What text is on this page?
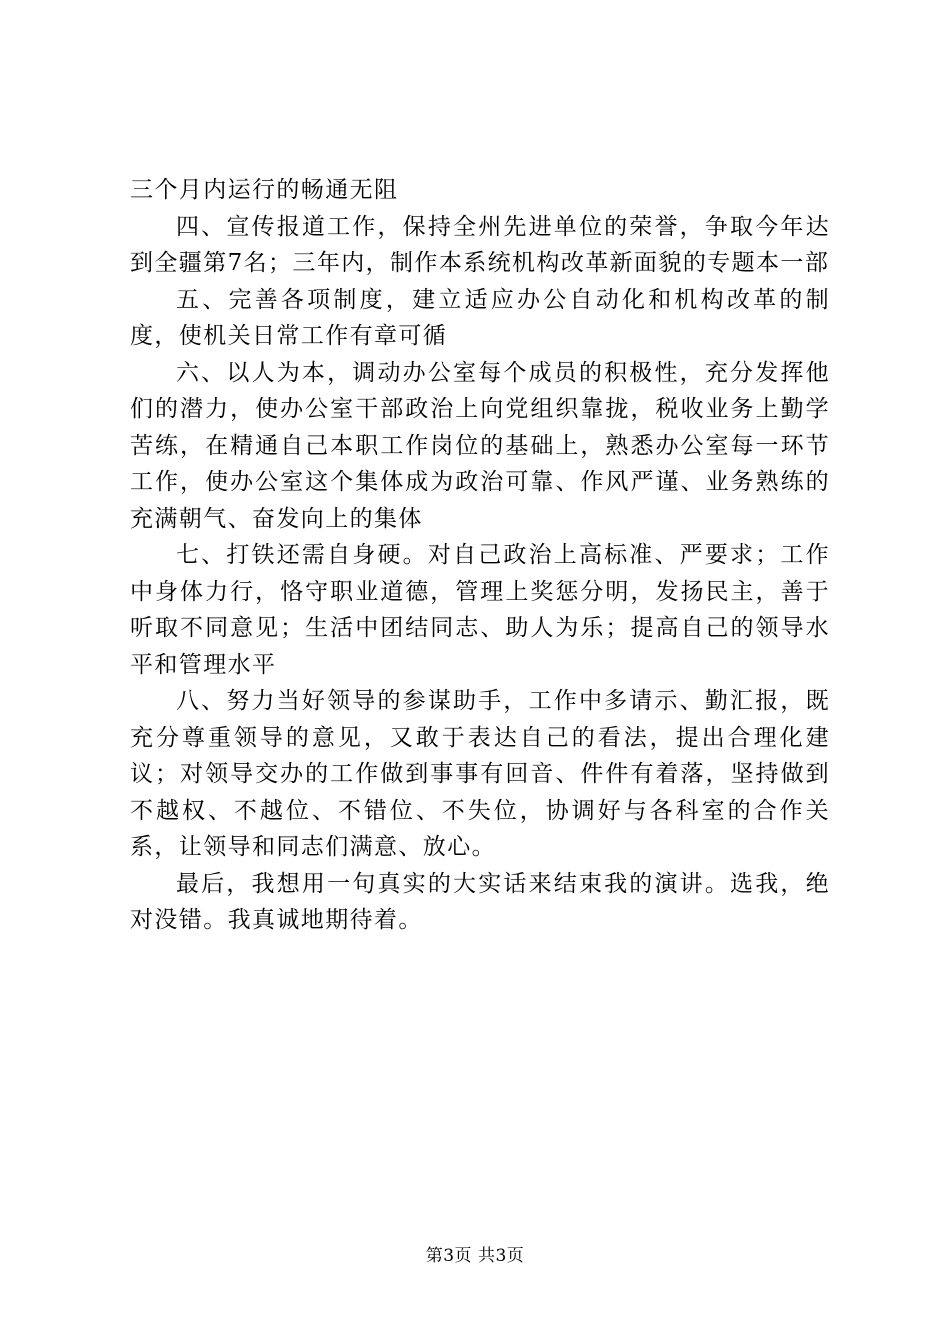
三个月内运行的畅通无阻

四、宣传报道工作，保持全州先进单位的荣誉，争取今年达到全疆第7名；三年内，制作本系统机构改革新面貌的专题本一部

五、完善各项制度，建立适应办公自动化和机构改革的制度，使机关日常工作有章可循

六、以人为本，调动办公室每个成员的积极性，充分发挥他们的潜力，使办公室干部政治上向党组织靠拢，税收业务上勤学苦练，在精通自己本职工作岗位的基础上，熟悉办公室每一环节工作，使办公室这个集体成为政治可靠、作风严谨、业务熟练的充满朝气、奋发向上的集体

七、打铁还需自身硬。对自己政治上高标准、严要求；工作中身体力行，恪守职业道德，管理上奖惩分明，发扬民主，善于听取不同意见；生活中团结同志、助人为乐；提高自己的领导水平和管理水平

八、努力当好领导的参谋助手，工作中多请示、勤汇报，既充分尊重领导的意见，又敢于表达自己的看法，提出合理化建议；对领导交办的工作做到事事有回音、件件有着落，坚持做到不越权、不越位、不错位、不失位，协调好与各科室的合作关系，让领导和同志们满意、放心。

最后，我想用一句真实的大实话来结束我的演讲。选我，绝对没错。我真诚地期待着。

第3页 共3页
